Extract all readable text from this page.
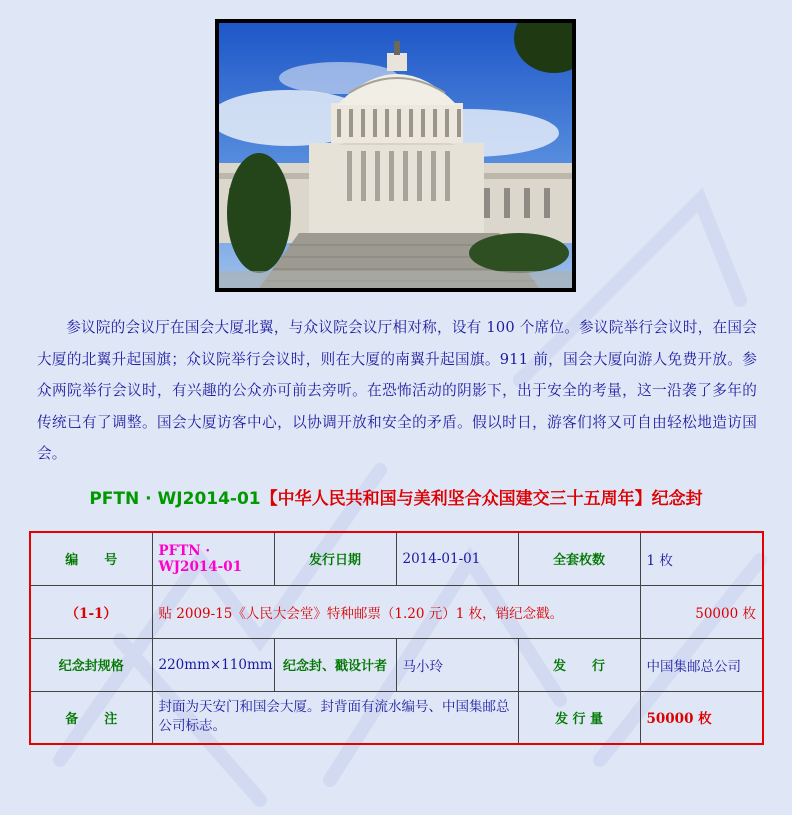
参议院的会议厅在国会大厦北翼，与众议院会议厅相对称，设有 100 个席位。参议院举行会议时，在国会大厦的北翼升起国旗；众议院举行会议时，则在大厦的南翼升起国旗。911 前，国会大厦向游人免费开放。参众两院举行会议时，有兴趣的公众亦可前去旁听。在恐怖活动的阴影下，出于安全的考量，这一沿袭了多年的传统已有了调整。国会大厦访客中心，以协调开放和安全的矛盾。假以时日，游客们将又可自由轻松地造访国会。

PFTN · WJ2014-01【中华人民共和国与美利坚合众国建交三十五周年】纪念封
编　　号	PFTN · WJ2014-01	发行日期	2014-01-01	全套枚数	1 枚
（1-1）	贴 2009-15《人民大会堂》特种邮票（1.20 元）1 枚，销纪念戳。				50000 枚
纪念封规格	220mm×110mm	纪念封、戳设计者	马小玲	发　　行	中国集邮总公司
备　　注	封面为天安门和国会大厦。封背面有流水编号、中国集邮总公司标志。			发 行 量	50000 枚
